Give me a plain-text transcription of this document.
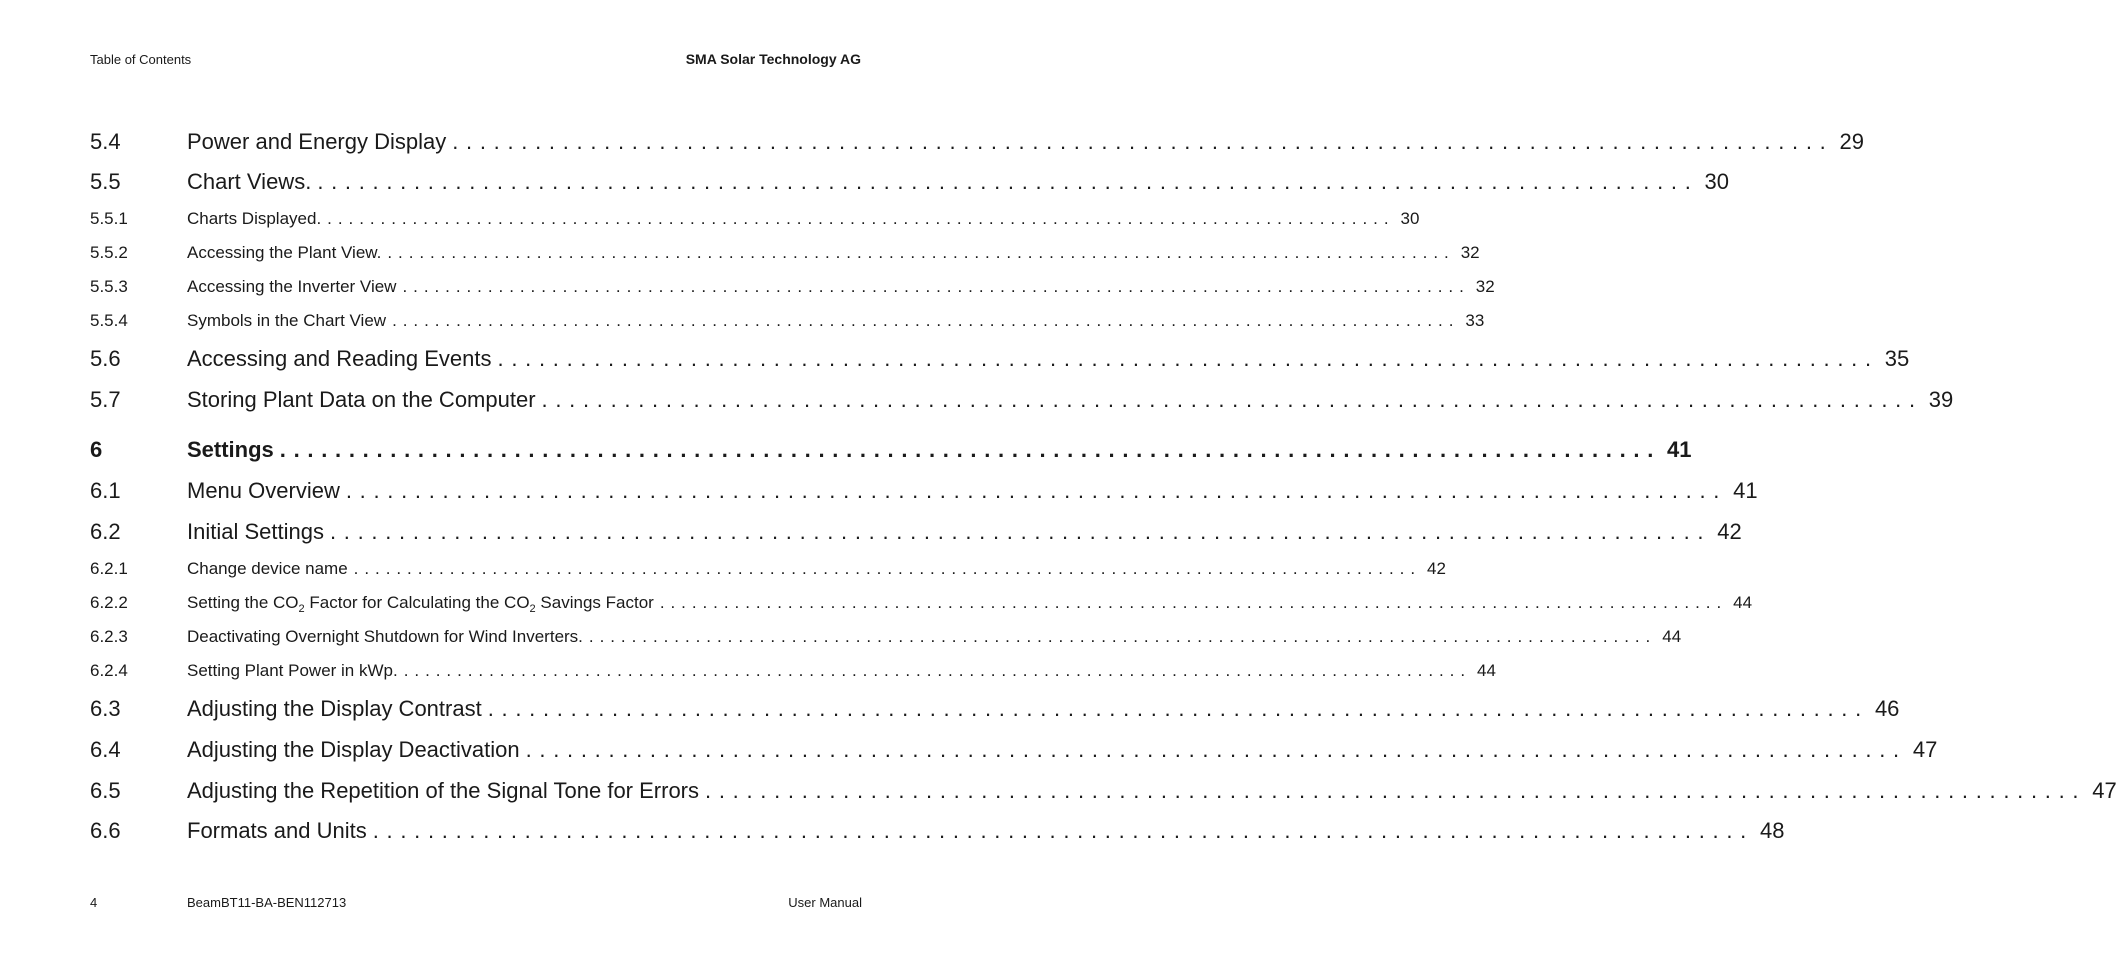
Table of Contents	SMA Solar Technology AG
5.4	Power and Energy Display .................................................................................................... 29
5.5	Chart Views. .................................................................................................... 30
5.5.1	Charts Displayed. .................................................................................................... 30
5.5.2	Accessing the Plant View. .................................................................................................... 32
5.5.3	Accessing the Inverter View .................................................................................................... 32
5.5.4	Symbols in the Chart View .................................................................................................... 33
5.6	Accessing and Reading Events .................................................................................................... 35
5.7	Storing Plant Data on the Computer .................................................................................................... 39
6	Settings .................................................................................................... 41
6.1	Menu Overview .................................................................................................... 41
6.2	Initial Settings .................................................................................................... 42
6.2.1	Change device name .................................................................................................... 42
6.2.2	Setting the $CO_2$ Factor for Calculating the $CO_2$ Savings Factor .................................................................................................... 44
6.2.3	Deactivating Overnight Shutdown for Wind Inverters. .................................................................................................... 44
6.2.4	Setting Plant Power in kWp. .................................................................................................... 44
6.3	Adjusting the Display Contrast .................................................................................................... 46
6.4	Adjusting the Display Deactivation .................................................................................................... 47
6.5	Adjusting the Repetition of the Signal Tone for Errors .................................................................................................... 47
6.6	Formats and Units .................................................................................................... 48
4	BeamBT11-BA-BEN112713	User Manual
